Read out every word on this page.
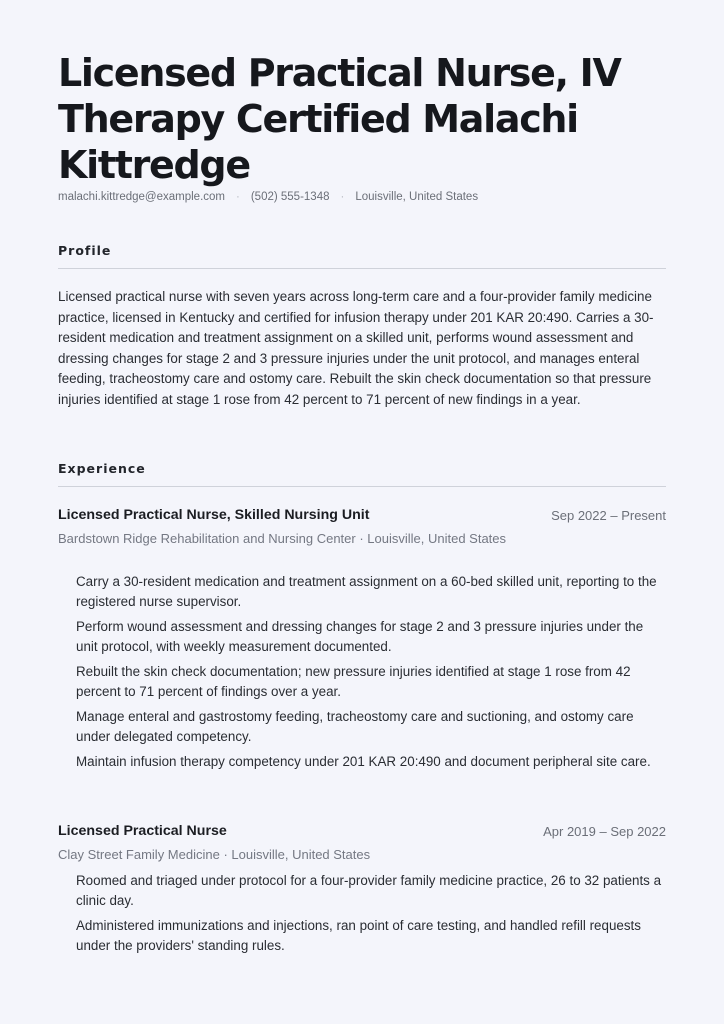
Licensed Practical Nurse, IV Therapy Certified Malachi Kittredge
malachi.kittredge@example.com · (502) 555-1348 · Louisville, United States
Profile

Licensed practical nurse with seven years across long-term care and a four-provider family medicine practice, licensed in Kentucky and certified for infusion therapy under 201 KAR 20:490. Carries a 30-resident medication and treatment assignment on a skilled unit, performs wound assessment and dressing changes for stage 2 and 3 pressure injuries under the unit protocol, and manages enteral feeding, tracheostomy care and ostomy care. Rebuilt the skin check documentation so that pressure injuries identified at stage 1 rose from 42 percent to 71 percent of new findings in a year.

Experience
Licensed Practical Nurse, Skilled Nursing Unit	Sep 2022 – Present
Bardstown Ridge Rehabilitation and Nursing Center · Louisville, United States
Carry a 30-resident medication and treatment assignment on a 60-bed skilled unit, reporting to the registered nurse supervisor.
Perform wound assessment and dressing changes for stage 2 and 3 pressure injuries under the unit protocol, with weekly measurement documented.
Rebuilt the skin check documentation; new pressure injuries identified at stage 1 rose from 42 percent to 71 percent of findings over a year.
Manage enteral and gastrostomy feeding, tracheostomy care and suctioning, and ostomy care under delegated competency.
Maintain infusion therapy competency under 201 KAR 20:490 and document peripheral site care.
Licensed Practical Nurse	Apr 2019 – Sep 2022
Clay Street Family Medicine · Louisville, United States
Roomed and triaged under protocol for a four-provider family medicine practice, 26 to 32 patients a clinic day.
Administered immunizations and injections, ran point of care testing, and handled refill requests under the providers' standing rules.
